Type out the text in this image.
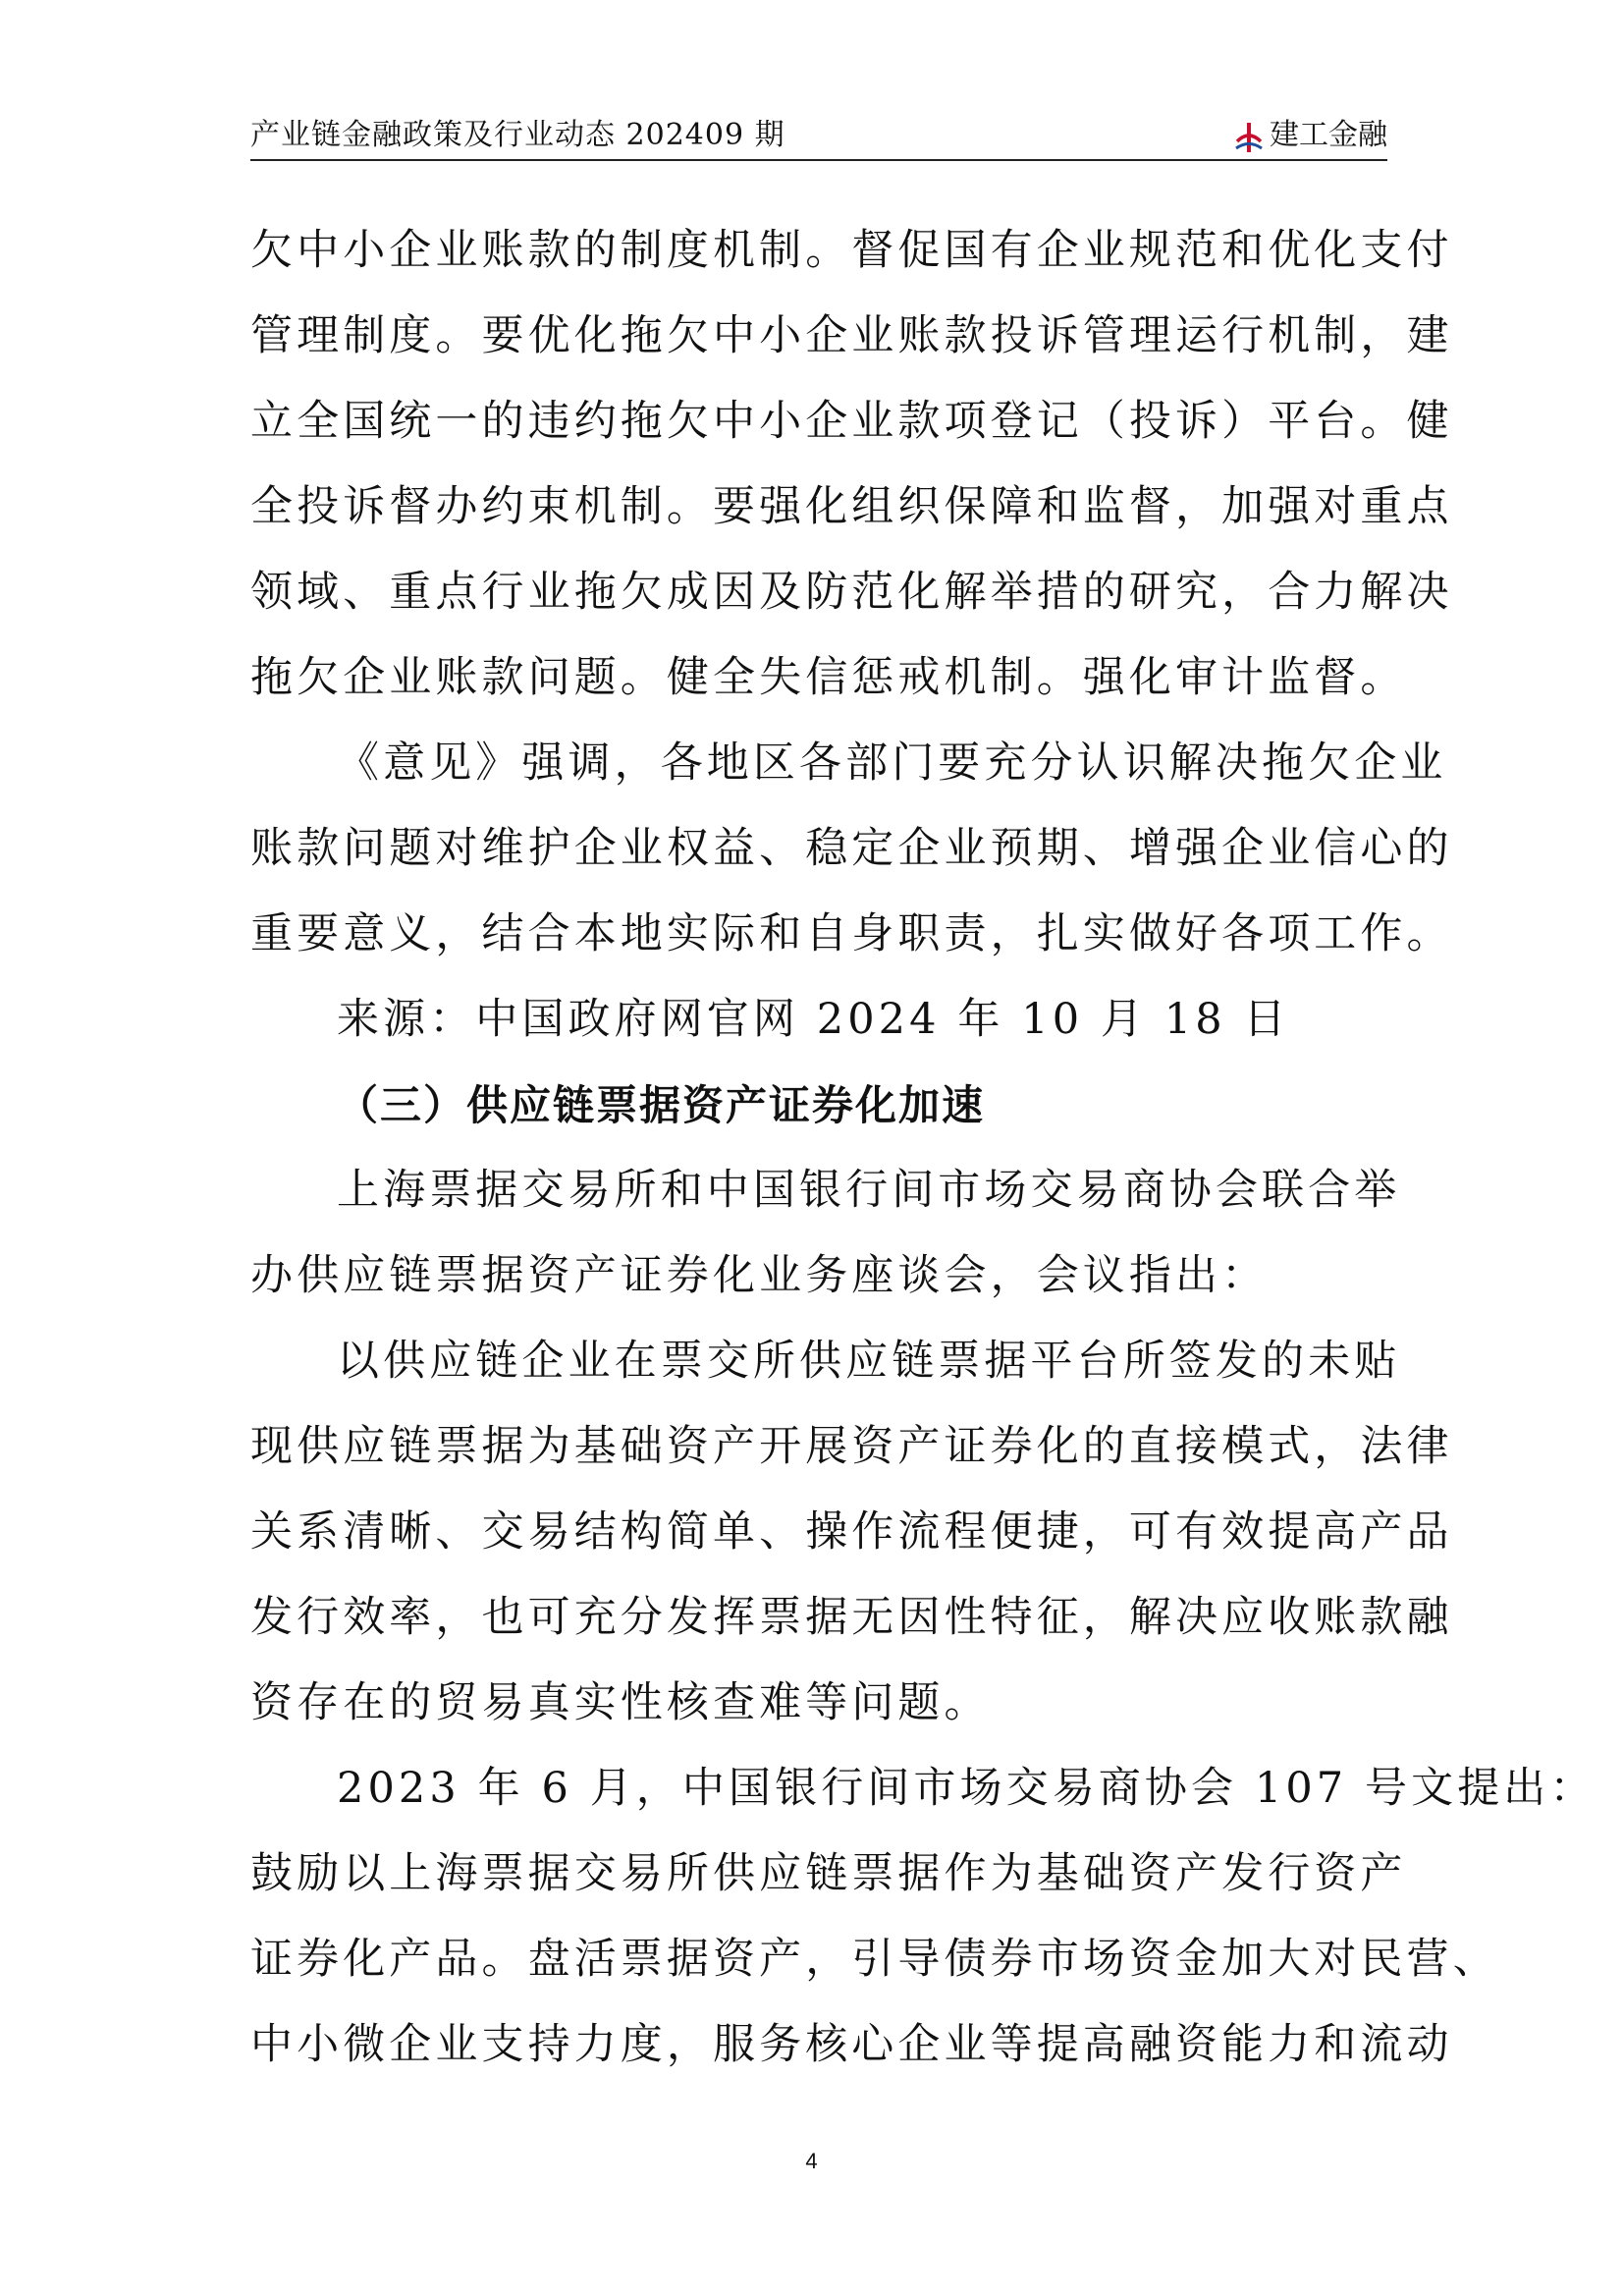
产业链金融政策及行业动态 202409 期	建工金融

欠中小企业账款的制度机制。督促国有企业规范和优化支付

管理制度。要优化拖欠中小企业账款投诉管理运行机制，建

立全国统一的违约拖欠中小企业款项登记（投诉）平台。健

全投诉督办约束机制。要强化组织保障和监督，加强对重点

领域、重点行业拖欠成因及防范化解举措的研究，合力解决

拖欠企业账款问题。健全失信惩戒机制。强化审计监督。

《意见》强调，各地区各部门要充分认识解决拖欠企业

账款问题对维护企业权益、稳定企业预期、增强企业信心的

重要意义，结合本地实际和自身职责，扎实做好各项工作。

来源：中国政府网官网 2024 年 10 月 18 日

（三）供应链票据资产证券化加速

上海票据交易所和中国银行间市场交易商协会联合举

办供应链票据资产证券化业务座谈会，会议指出：

以供应链企业在票交所供应链票据平台所签发的未贴

现供应链票据为基础资产开展资产证券化的直接模式，法律

关系清晰、交易结构简单、操作流程便捷，可有效提高产品

发行效率，也可充分发挥票据无因性特征，解决应收账款融

资存在的贸易真实性核查难等问题。

2023 年 6 月，中国银行间市场交易商协会 107 号文提出：

鼓励以上海票据交易所供应链票据作为基础资产发行资产

证券化产品。盘活票据资产，引导债券市场资金加大对民营、

中小微企业支持力度，服务核心企业等提高融资能力和流动

4
